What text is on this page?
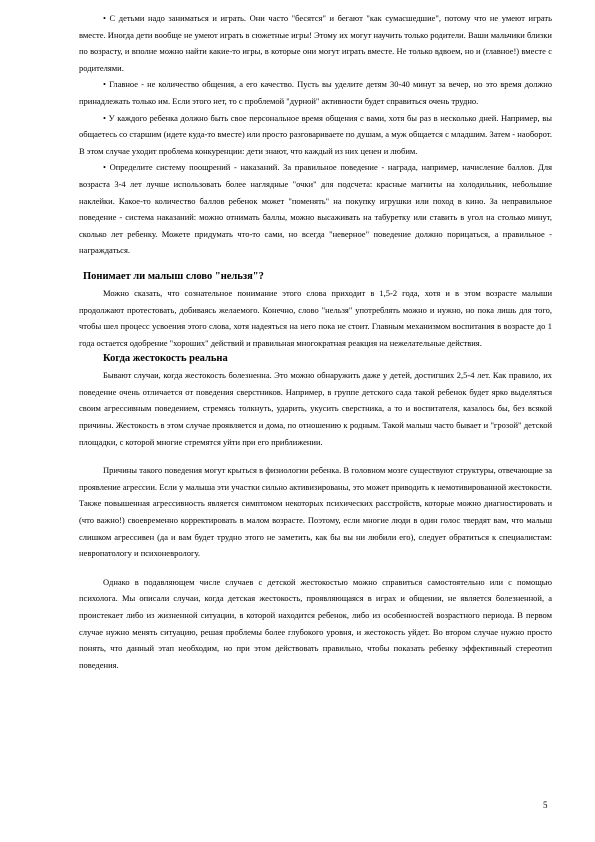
• С детьми надо заниматься и играть. Они часто "бесятся" и бегают "как сумасшедшие", потому что не умеют играть вместе. Иногда дети вообще не умеют играть в сюжетные игры! Этому их могут научить только родители. Ваши мальчики близки по возрасту, и вполне можно найти какие-то игры, в которые они могут играть вместе. Не только вдвоем, но и (главное!) вместе с родителями.

• Главное - не количество общения, а его качество. Пусть вы уделите детям 30-40 минут за вечер, но это время должно принадлежать только им. Если этого нет, то с проблемой "дурной" активности будет справиться очень трудно.

• У каждого ребенка должно быть свое персональное время общения с вами, хотя бы раз в несколько дней. Например, вы общаетесь со старшим (идете куда-то вместе) или просто разговариваете по душам, а муж общается с младшим. Затем - наоборот. В этом случае уходит проблема конкуренции: дети знают, что каждый из них ценен и любим.

• Определите систему поощрений - наказаний. За правильное поведение - награда, например, начисление баллов. Для возраста 3-4 лет лучше использовать более наглядные "очки" для подсчета: красные магниты на холодильник, небольшие наклейки. Какое-то количество баллов ребенок может "поменять" на покупку игрушки или поход в кино. За неправильное поведение - система наказаний: можно отнимать баллы, можно высаживать на табуретку или ставить в угол на столько минут, сколько лет ребенку. Можете придумать что-то сами, но всегда "неверное" поведение должно порицаться, а правильное - награждаться.

Понимает ли малыш слово "нельзя"?

Можно сказать, что сознательное понимание этого слова приходит в 1,5-2 года, хотя и в этом возрасте малыши продолжают протестовать, добиваясь желаемого. Конечно, слово "нельзя" употреблять можно и нужно, но пока лишь для того, чтобы шел процесс усвоения этого слова, хотя надеяться на него пока не стоит. Главным механизмом воспитания в возрасте до 1 года остается одобрение "хороших" действий и правильная многократная реакция на нежелательные действия.

Когда жестокость реальна

Бывают случаи, когда жестокость болезненна. Это можно обнаружить даже у детей, достигших 2,5-4 лет. Как правило, их поведение очень отличается от поведения сверстников. Например, в группе детского сада такой ребенок будет ярко выделяться своим агрессивным поведением, стремясь толкнуть, ударить, укусить сверстника, а то и воспитателя, казалось бы, без всякой причины. Жестокость в этом случае проявляется и дома, по отношению к родным. Такой малыш часто бывает и "грозой" детской площадки, с которой многие стремятся уйти при его приближении.

Причины такого поведения могут крыться в физиологии ребенка. В головном мозге существуют структуры, отвечающие за проявление агрессии. Если у малыша эти участки сильно активизированы, это может приводить к немотивированной жестокости. Также повышенная агрессивность является симптомом некоторых психических расстройств, которые можно диагностировать и (что важно!) своевременно корректировать в малом возрасте. Поэтому, если многие люди в один голос твердят вам, что малыш слишком агрессивен (да и вам будет трудно этого не заметить, как бы вы ни любили его), следует обратиться к специалистам: невропатологу и психоневрологу.

Однако в подавляющем числе случаев с детской жестокостью можно справиться самостоятельно или с помощью психолога. Мы описали случаи, когда детская жестокость, проявляющаяся в играх и общении, не является болезненной, а проистекает либо из жизненной ситуации, в которой находится ребенок, либо из особенностей возрастного периода. В первом случае нужно менять ситуацию, решая проблемы более глубокого уровня, и жестокость уйдет. Во втором случае нужно просто понять, что данный этап необходим, но при этом действовать правильно, чтобы показать ребенку эффективный стереотип поведения.

5
